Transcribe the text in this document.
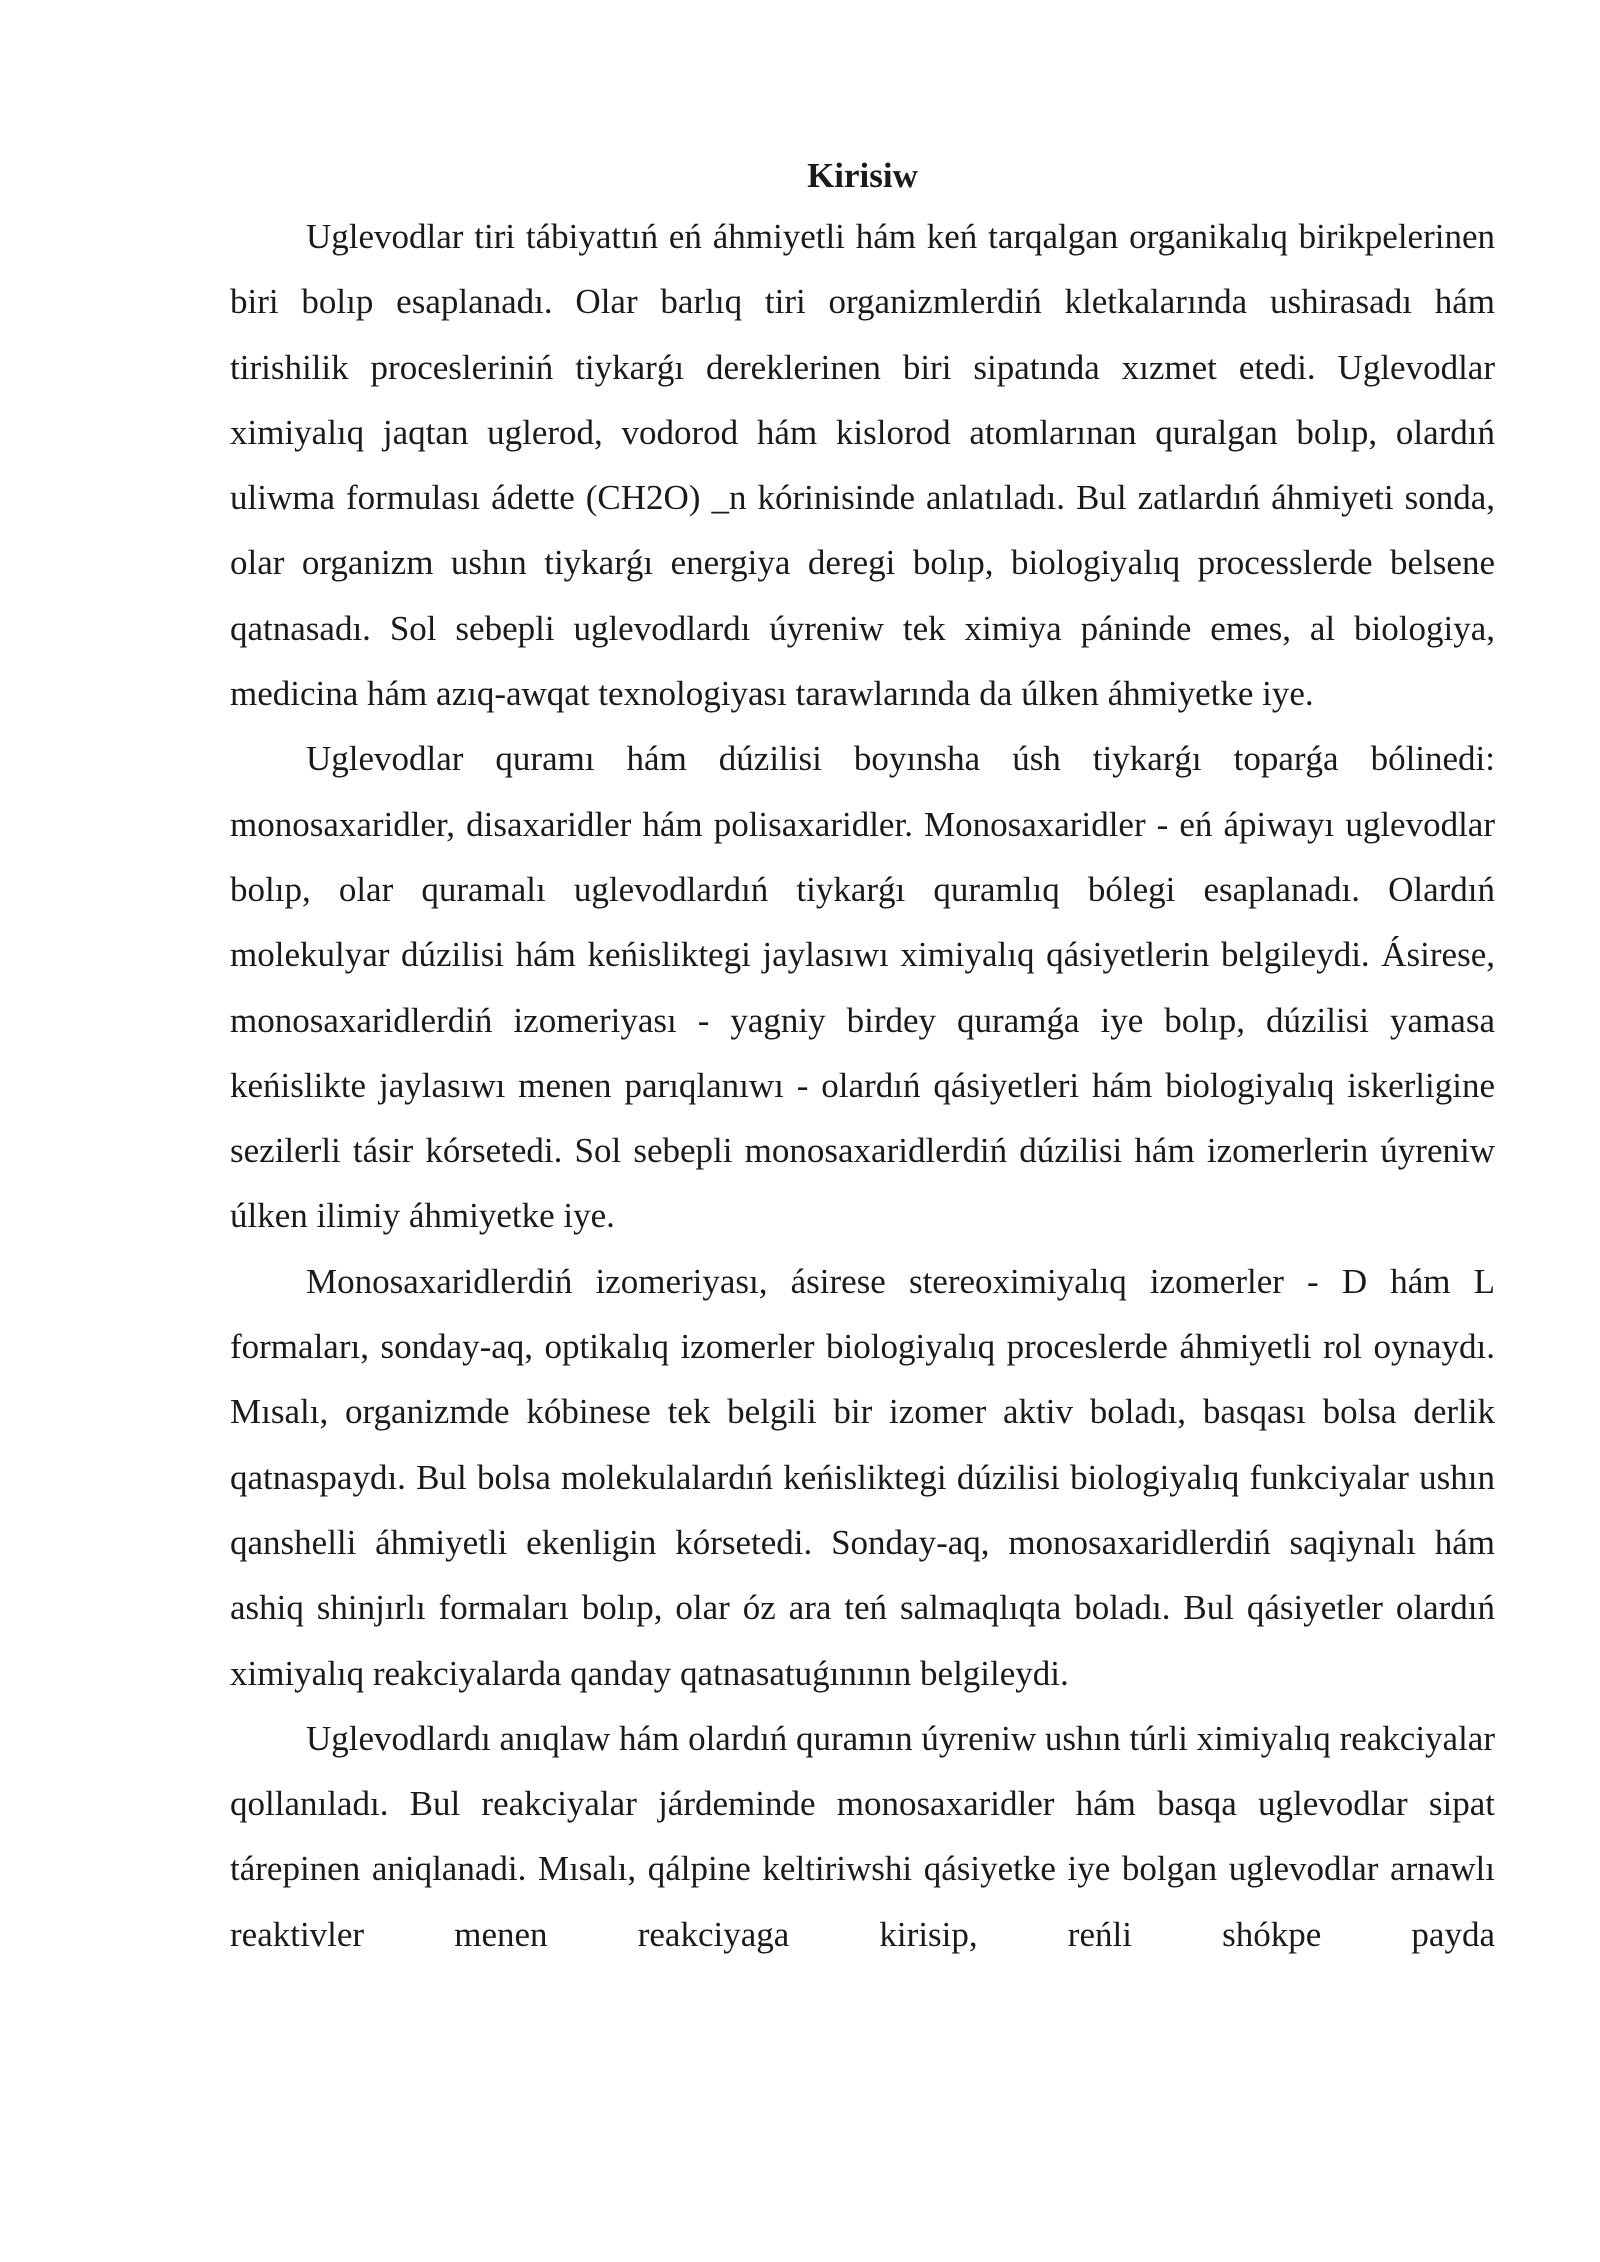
Kirisiw

Uglevodlar tiri tábiyattıń eń áhmiyetli hám keń tarqalgan organikalıq birikpelerinen biri bolıp esaplanadı. Olar barlıq tiri organizmlerdiń kletkalarında ushirasadı hám tirishilik procesleriniń tiykarǵı dereklerinen biri sipatında xızmet etedi. Uglevodlar ximiyalıq jaqtan uglerod, vodorod hám kislorod atomlarınan quralgan bolıp, olardıń uliwma formulası ádette (CH2O) _n kórinisinde anlatıladı. Bul zatlardıń áhmiyeti sonda, olar organizm ushın tiykarǵı energiya deregi bolıp, biologiyalıq processlerde belsene qatnasadı. Sol sebepli uglevodlardı úyreniw tek ximiya páninde emes, al biologiya, medicina hám azıq-awqat texnologiyası tarawlarında da úlken áhmiyetke iye.

Uglevodlar quramı hám dúzilisi boyınsha úsh tiykarǵı toparǵa bólinedi: monosaxaridler, disaxaridler hám polisaxaridler. Monosaxaridler - eń ápiwayı uglevodlar bolıp, olar quramalı uglevodlardıń tiykarǵı quramlıq bólegi esaplanadı. Olardıń molekulyar dúzilisi hám keńisliktegi jaylasıwı ximiyalıq qásiyetlerin belgileydi. Ásirese, monosaxaridlerdiń izomeriyası - yagniy birdey quramǵa iye bolıp, dúzilisi yamasa keńislikte jaylasıwı menen parıqlanıwı - olardıń qásiyetleri hám biologiyalıq iskerligine sezilerli tásir kórsetedi. Sol sebepli monosaxaridlerdiń dúzilisi hám izomerlerin úyreniw úlken ilimiy áhmiyetke iye.

Monosaxaridlerdiń izomeriyası, ásirese stereoximiyalıq izomerler - D hám L formaları, sonday-aq, optikalıq izomerler biologiyalıq proceslerde áhmiyetli rol oynaydı. Mısalı, organizmde kóbinese tek belgili bir izomer aktiv boladı, basqası bolsa derlik qatnaspaydı. Bul bolsa molekulalardıń keńisliktegi dúzilisi biologiyalıq funkciyalar ushın qanshelli áhmiyetli ekenligin kórsetedi. Sonday-aq, monosaxaridlerdiń saqiynalı hám ashiq shinjırlı formaları bolıp, olar óz ara teń salmaqlıqta boladı. Bul qásiyetler olardıń ximiyalıq reakciyalarda qanday qatnasatuǵınının belgileydi.

Uglevodlardı anıqlaw hám olardıń quramın úyreniw ushın túrli ximiyalıq reakciyalar qollanıladı. Bul reakciyalar járdeminde monosaxaridler hám basqa uglevodlar sipat tárepinen aniqlanadi. Mısalı, qálpine keltiriwshi qásiyetke iye bolgan uglevodlar arnawlı reaktivler menen reakciyaga kirisip, reńli shókpe payda
